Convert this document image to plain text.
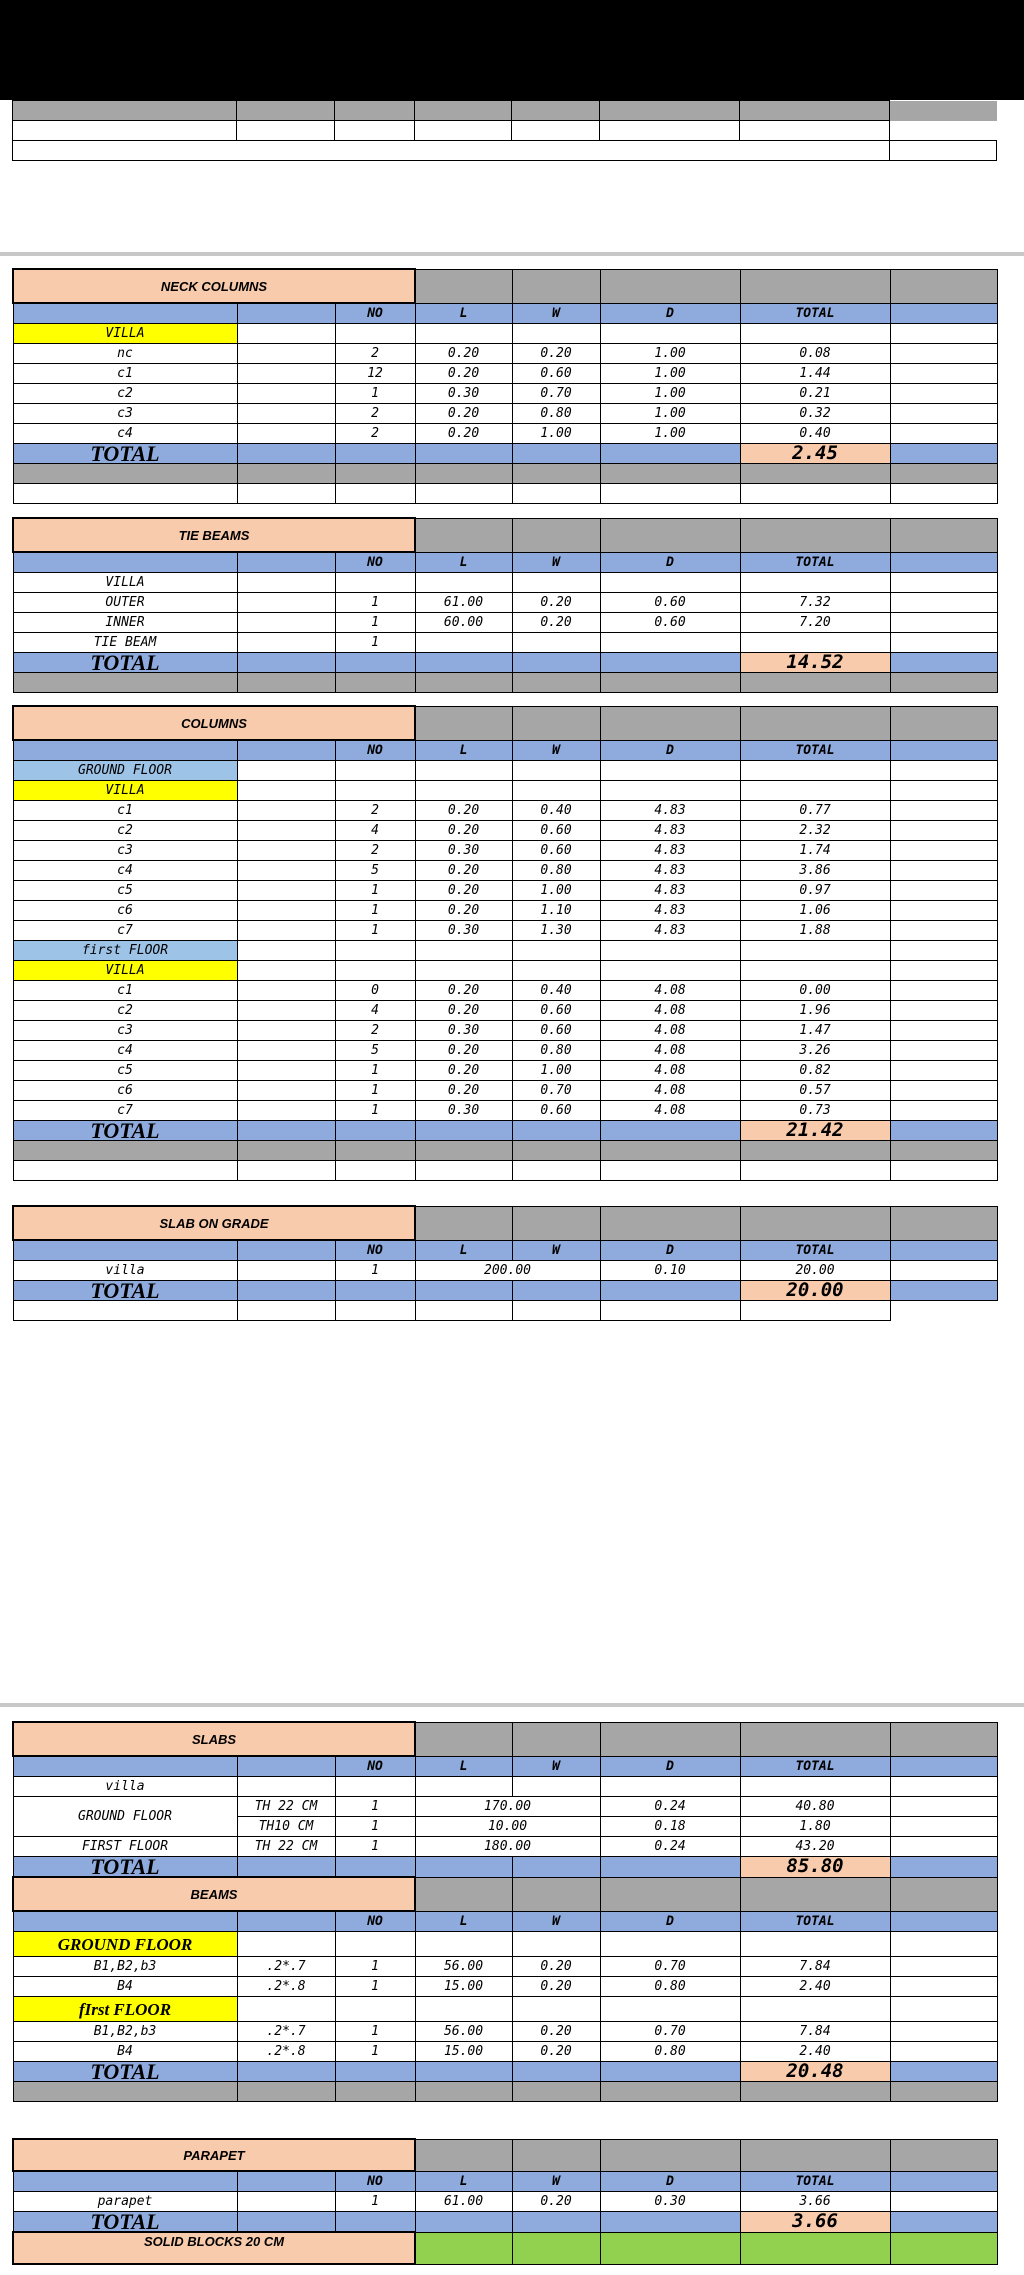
NECK COLUMNS							
		NO	L	W	D	TOTAL	
VILLA							
nc		2	0.20	0.20	1.00	0.08	
c1		12	0.20	0.60	1.00	1.44	
c2		1	0.30	0.70	1.00	0.21	
c3		2	0.20	0.80	1.00	0.32	
c4		2	0.20	1.00	1.00	0.40	
TOTAL						2.45	

TIE BEAMS							
		NO	L	W	D	TOTAL	
VILLA							
OUTER		1	61.00	0.20	0.60	7.32	
INNER		1	60.00	0.20	0.60	7.20	
TIE BEAM		1					
TOTAL						14.52	

COLUMNS							
		NO	L	W	D	TOTAL	
GROUND FLOOR							
VILLA							
c1		2	0.20	0.40	4.83	0.77	
c2		4	0.20	0.60	4.83	2.32	
c3		2	0.30	0.60	4.83	1.74	
c4		5	0.20	0.80	4.83	3.86	
c5		1	0.20	1.00	4.83	0.97	
c6		1	0.20	1.10	4.83	1.06	
c7		1	0.30	1.30	4.83	1.88	
first FLOOR							
VILLA							
c1		0	0.20	0.40	4.08	0.00	
c2		4	0.20	0.60	4.08	1.96	
c3		2	0.30	0.60	4.08	1.47	
c4		5	0.20	0.80	4.08	3.26	
c5		1	0.20	1.00	4.08	0.82	
c6		1	0.20	0.70	4.08	0.57	
c7		1	0.30	0.60	4.08	0.73	
TOTAL						21.42	

SLAB ON GRADE							
		NO	L	W	D	TOTAL	
villa		1	200.00		0.10	20.00	
TOTAL						20.00	

SLABS							
		NO	L	W	D	TOTAL	
villa							
GROUND FLOOR	TH 22 CM	1	170.00		0.24	40.80	
	TH10 CM	1	10.00		0.18	1.80	
FIRST FLOOR	TH 22 CM	1	180.00		0.24	43.20	
TOTAL						85.80	
BEAMS							
		NO	L	W	D	TOTAL	
GROUND FLOOR							
B1,B2,b3	.2*.7	1	56.00	0.20	0.70	7.84	
B4	.2*.8	1	15.00	0.20	0.80	2.40	
fIrst FLOOR							
B1,B2,b3	.2*.7	1	56.00	0.20	0.70	7.84	
B4	.2*.8	1	15.00	0.20	0.80	2.40	
TOTAL						20.48	

PARAPET							
		NO	L	W	D	TOTAL	
parapet		1	61.00	0.20	0.30	3.66	
TOTAL						3.66	
SOLID BLOCKS 20 CM							
